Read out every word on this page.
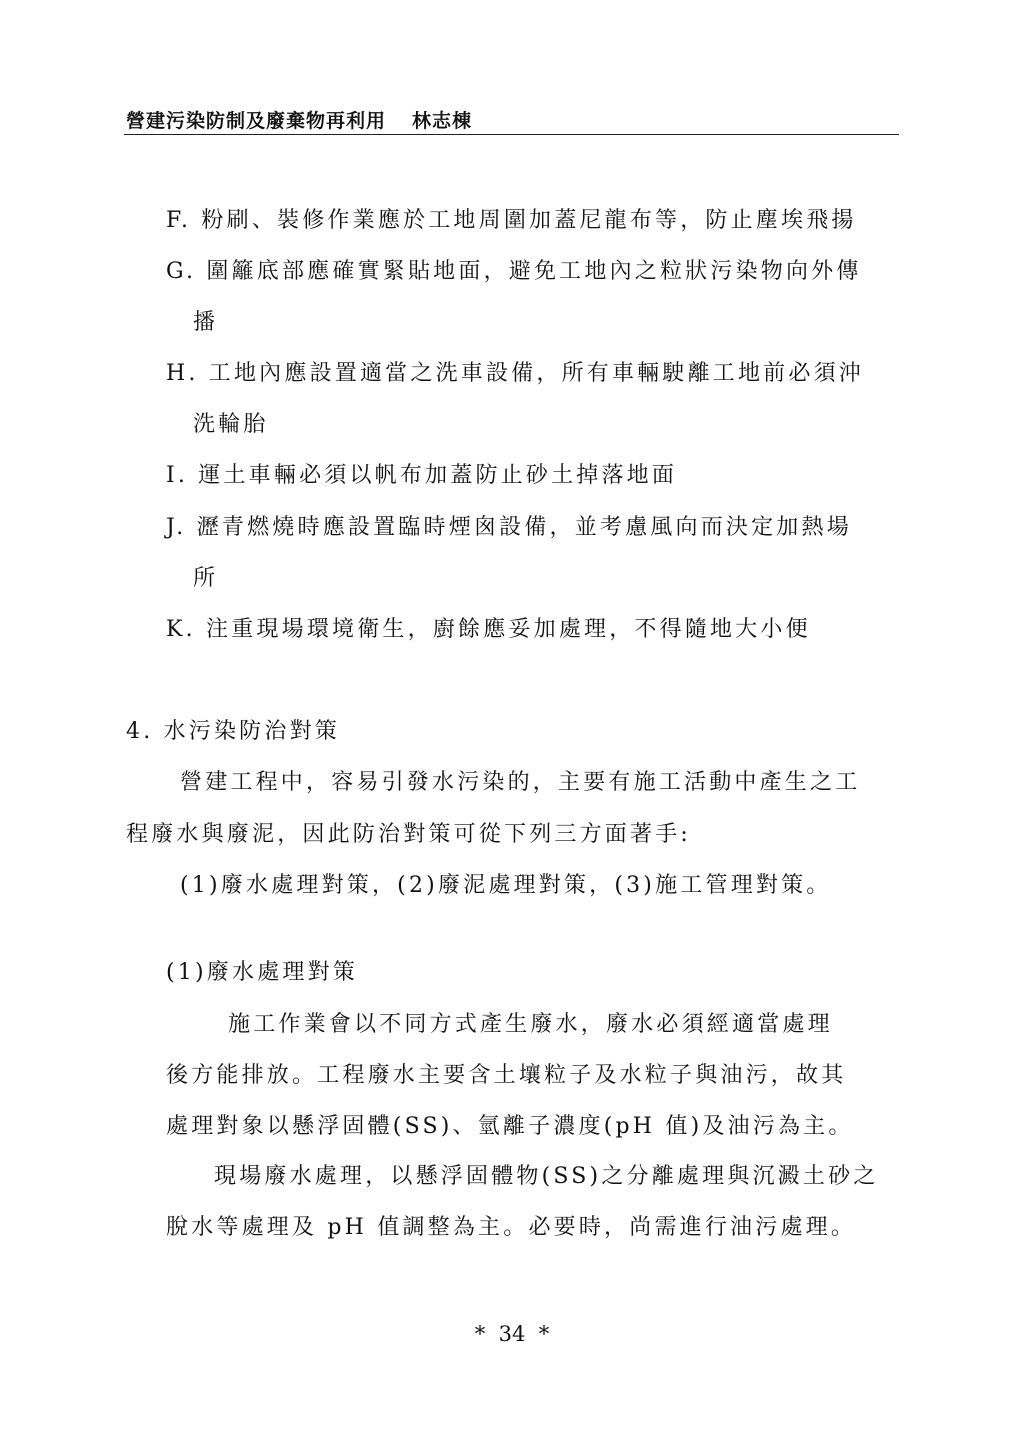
營建污染防制及廢棄物再利用 林志棟
F. 粉刷、裝修作業應於工地周圍加蓋尼龍布等，防止塵埃飛揚
G. 圍籬底部應確實緊貼地面，避免工地內之粒狀污染物向外傳
播
H. 工地內應設置適當之洗車設備，所有車輛駛離工地前必須沖
洗輪胎
I. 運土車輛必須以帆布加蓋防止砂土掉落地面
J. 瀝青燃燒時應設置臨時煙囪設備，並考慮風向而決定加熱場
所
K. 注重現場環境衛生，廚餘應妥加處理，不得隨地大小便
4. 水污染防治對策
營建工程中，容易引發水污染的，主要有施工活動中產生之工
程廢水與廢泥，因此防治對策可從下列三方面著手:
(1)廢水處理對策，(2)廢泥處理對策，(3)施工管理對策。
(1)廢水處理對策
施工作業會以不同方式產生廢水，廢水必須經適當處理
後方能排放。工程廢水主要含土壤粒子及水粒子與油污，故其
處理對象以懸浮固體(SS)、氫離子濃度(pH 值)及油污為主。
現場廢水處理，以懸浮固體物(SS)之分離處理與沉澱土砂之
脫水等處理及 pH 值調整為主。必要時，尚需進行油污處理。
*  34  *
